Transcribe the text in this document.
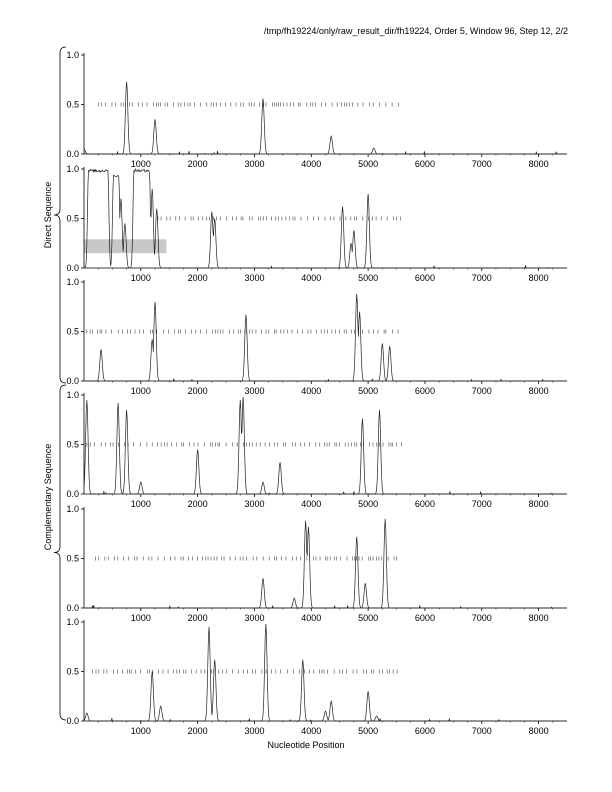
/tmp/fh19224/only/raw_result_dir/fh19224, Order 5, Window 96, Step 12, 2/2
0.0
0.5
1.0
1000	2000	3000	4000	5000	6000	7000	8000
0.0
0.5
1.0
1000	2000	3000	4000	5000	6000	7000	8000
0.0
0.5
1.0
1000	2000	3000	4000	5000	6000	7000	8000
0.0
0.5
1.0
1000	2000	3000	4000	5000	6000	7000	8000
0.0
0.5
1.0
1000	2000	3000	4000	5000	6000	7000	8000
0.0
0.5
1.0
1000	2000	3000	4000	5000	6000	7000	8000
Direct Sequence
Complementary Sequence
Nucleotide Position
